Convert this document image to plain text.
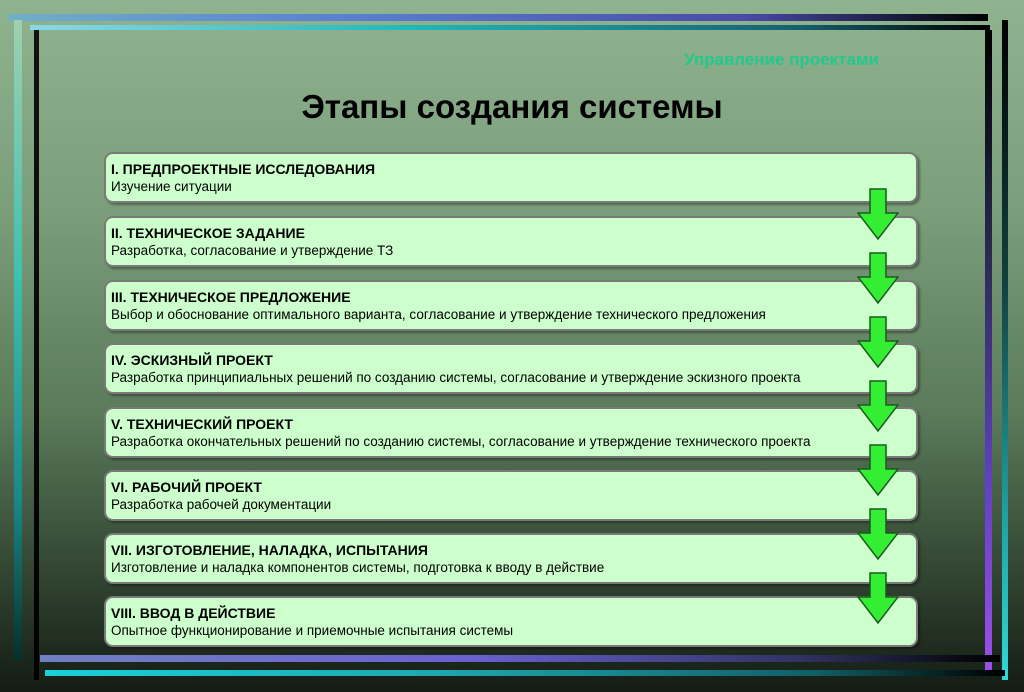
Управление проектами
Этапы создания системы
I. ПРЕДПРОЕКТНЫЕ ИССЛЕДОВАНИЯ
Изучение ситуации
II. ТЕХНИЧЕСКОЕ ЗАДАНИЕ
Разработка, согласование и утверждение ТЗ
III. ТЕХНИЧЕСКОЕ ПРЕДЛОЖЕНИЕ
Выбор и обоснование оптимального варианта, согласование и утверждение технического предложения
IV. ЭСКИЗНЫЙ ПРОЕКТ
Разработка принципиальных решений по созданию системы, согласование и утверждение эскизного проекта
V. ТЕХНИЧЕСКИЙ ПРОЕКТ
Разработка окончательных решений по созданию системы, согласование и утверждение технического проекта
VI. РАБОЧИЙ ПРОЕКТ
Разработка рабочей документации
VII. ИЗГОТОВЛЕНИЕ, НАЛАДКА, ИСПЫТАНИЯ
Изготовление и наладка компонентов системы, подготовка к вводу в действие
VIII. ВВОД В ДЕЙСТВИЕ
Опытное функционирование и приемочные испытания системы
